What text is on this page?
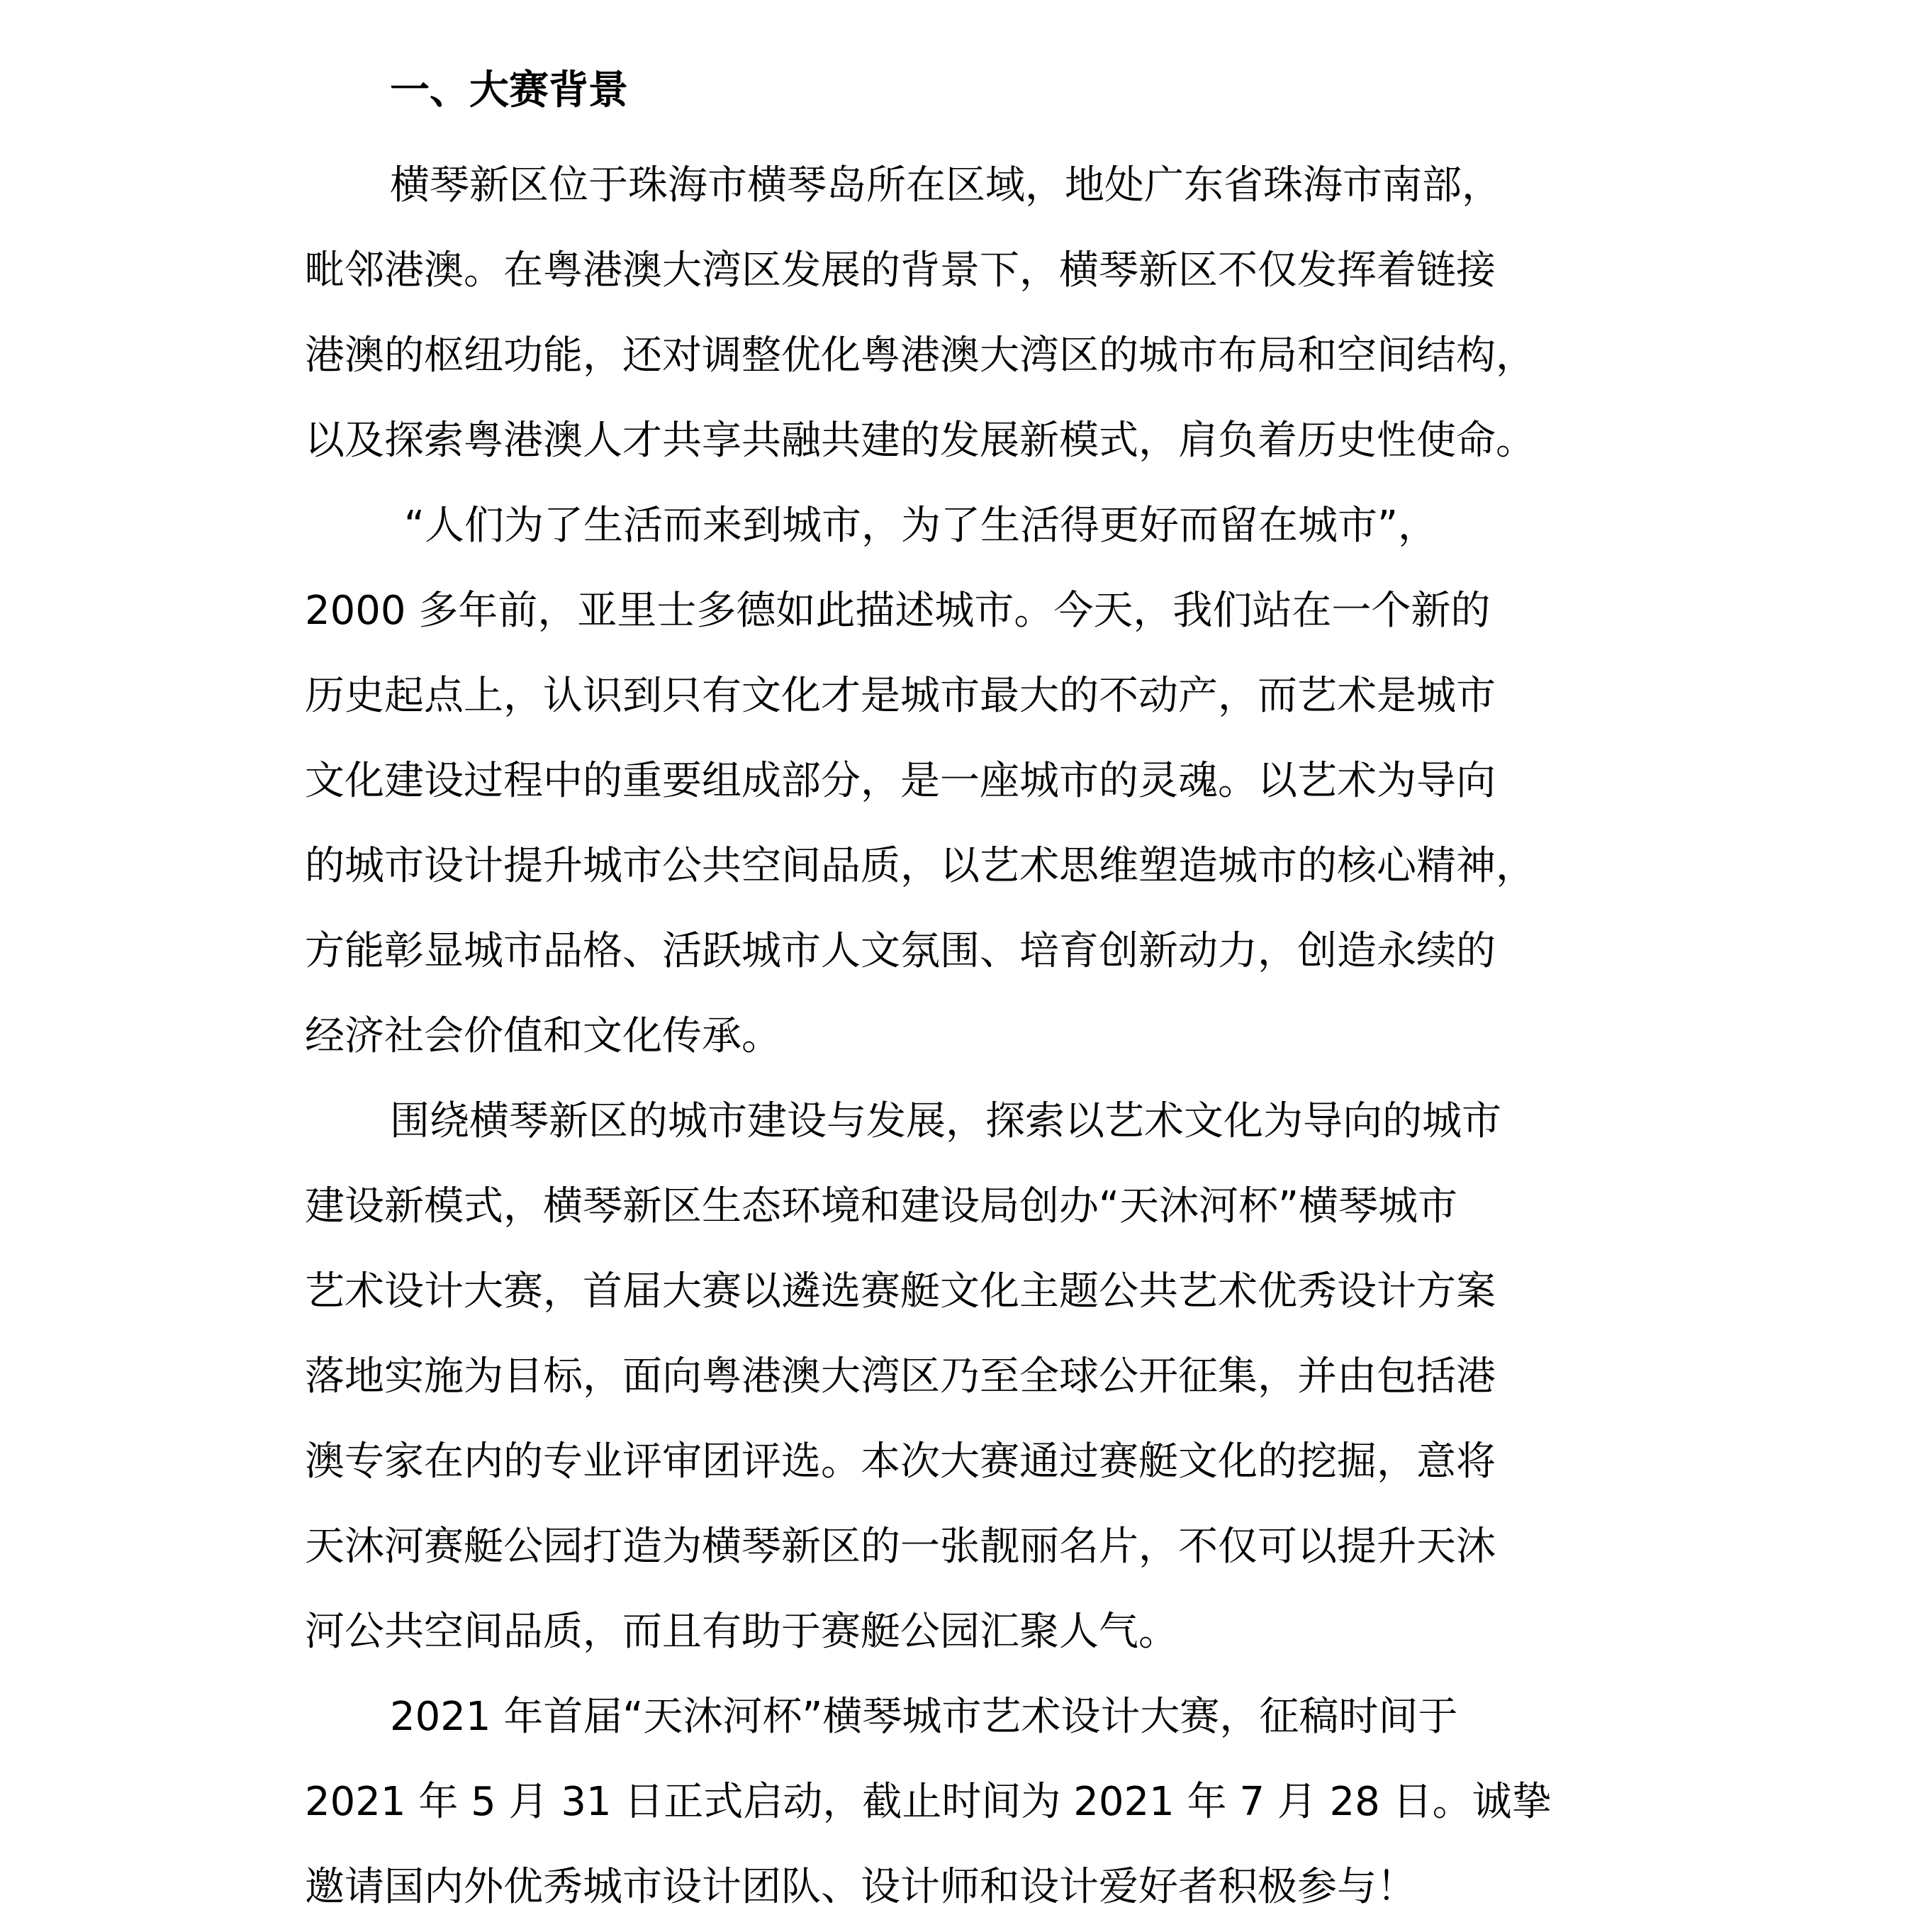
一、大赛背景
横琴新区位于珠海市横琴岛所在区域，地处广东省珠海市南部，
毗邻港澳。在粤港澳大湾区发展的背景下，横琴新区不仅发挥着链接
港澳的枢纽功能，还对调整优化粤港澳大湾区的城市布局和空间结构，
以及探索粤港澳人才共享共融共建的发展新模式，肩负着历史性使命。
“人们为了生活而来到城市，为了生活得更好而留在城市”，
2000 多年前，亚里士多德如此描述城市。今天，我们站在一个新的
历史起点上，认识到只有文化才是城市最大的不动产，而艺术是城市
文化建设过程中的重要组成部分，是一座城市的灵魂。以艺术为导向
的城市设计提升城市公共空间品质，以艺术思维塑造城市的核心精神，
方能彰显城市品格、活跃城市人文氛围、培育创新动力，创造永续的
经济社会价值和文化传承。
围绕横琴新区的城市建设与发展，探索以艺术文化为导向的城市
建设新模式，横琴新区生态环境和建设局创办“天沐河杯”横琴城市
艺术设计大赛，首届大赛以遴选赛艇文化主题公共艺术优秀设计方案
落地实施为目标，面向粤港澳大湾区乃至全球公开征集，并由包括港
澳专家在内的专业评审团评选。本次大赛通过赛艇文化的挖掘，意将
天沐河赛艇公园打造为横琴新区的一张靓丽名片，不仅可以提升天沐
河公共空间品质，而且有助于赛艇公园汇聚人气。
2021 年首届“天沐河杯”横琴城市艺术设计大赛，征稿时间于
2021 年 5 月 31 日正式启动，截止时间为 2021 年 7 月 28 日。诚挚
邀请国内外优秀城市设计团队、设计师和设计爱好者积极参与！
